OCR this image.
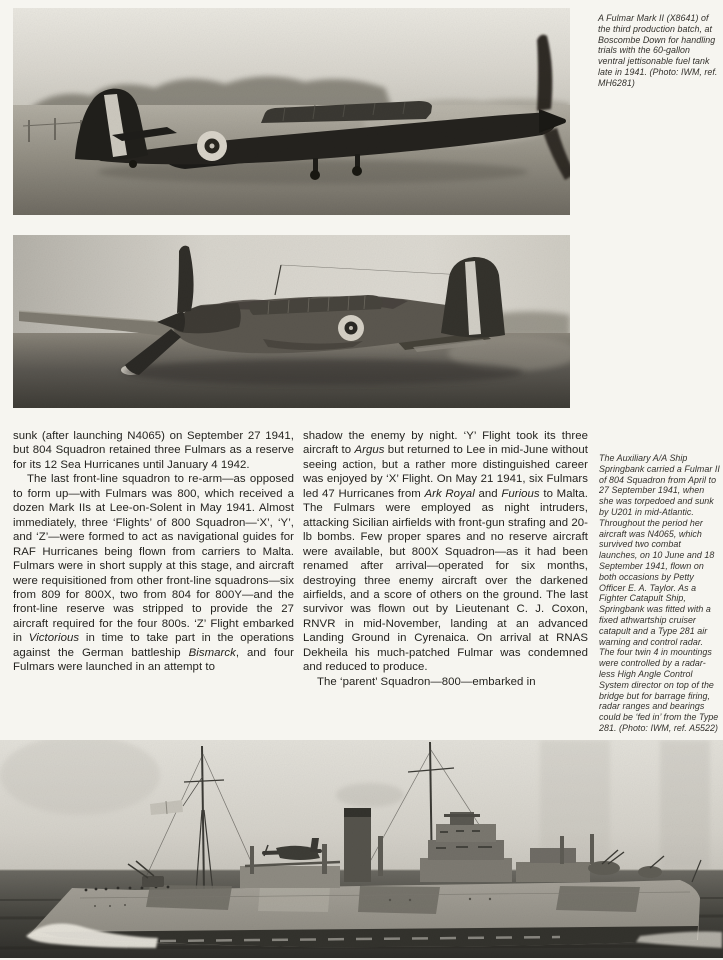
A Fulmar Mark II (X8641) of the third production batch, at Boscombe Down for handling trials with the 60-gallon ventral jettisonable fuel tank late in 1941. (Photo: IWM, ref. MH6281)

sunk (after launching N4065) on September 27 1941, but 804 Squadron retained three Fulmars as a reserve for its 12 Sea Hurricanes until January 4 1942.

The last front-line squadron to re-arm—as opposed to form up—with Fulmars was 800, which received a dozen Mark IIs at Lee-on-Solent in May 1941. Almost immediately, three ‘Flights’ of 800 Squadron—‘X’, ‘Y’, and ‘Z’—were formed to act as navigational guides for RAF Hurricanes being flown from carriers to Malta. Fulmars were in short supply at this stage, and aircraft were requisitioned from other front-line squadrons—six from 809 for 800X, two from 804 for 800Y—and the front-line reserve was stripped to provide the 27 aircraft required for the four 800s. ‘Z’ Flight embarked in Victorious in time to take part in the operations against the German battleship Bismarck, and four Fulmars were launched in an attempt to

shadow the enemy by night. ‘Y’ Flight took its three aircraft to Argus but returned to Lee in mid-June without seeing action, but a rather more distinguished career was enjoyed by ‘X’ Flight. On May 21 1941, six Fulmars led 47 Hurricanes from Ark Royal and Furious to Malta. The Fulmars were employed as night intruders, attacking Sicilian airfields with front-gun strafing and 20-lb bombs. Few proper spares and no reserve aircraft were available, but 800X Squadron—as it had been renamed after arrival—operated for six months, destroying three enemy aircraft over the darkened airfields, and a score of others on the ground. The last survivor was flown out by Lieutenant C. J. Coxon, RNVR in mid-November, landing at an advanced Landing Ground in Cyrenaica. On arrival at RNAS Dekheila his much-patched Fulmar was condemned and reduced to produce.

The ‘parent’ Squadron—800—embarked in

The Auxiliary A/A Ship Springbank carried a Fulmar II of 804 Squadron from April to 27 September 1941, when she was torpedoed and sunk by U201 in mid-Atlantic. Throughout the period her aircraft was N4065, which survived two combat launches, on 10 June and 18 September 1941, flown on both occasions by Petty Officer E. A. Taylor. As a Fighter Catapult Ship, Springbank was fitted with a fixed athwartship cruiser catapult and a Type 281 air warning and control radar. The four twin 4 in mountings were controlled by a radar-less High Angle Control System director on top of the bridge but for barrage firing, radar ranges and bearings could be ‘fed in’ from the Type 281. (Photo: IWM, ref. A5522)
